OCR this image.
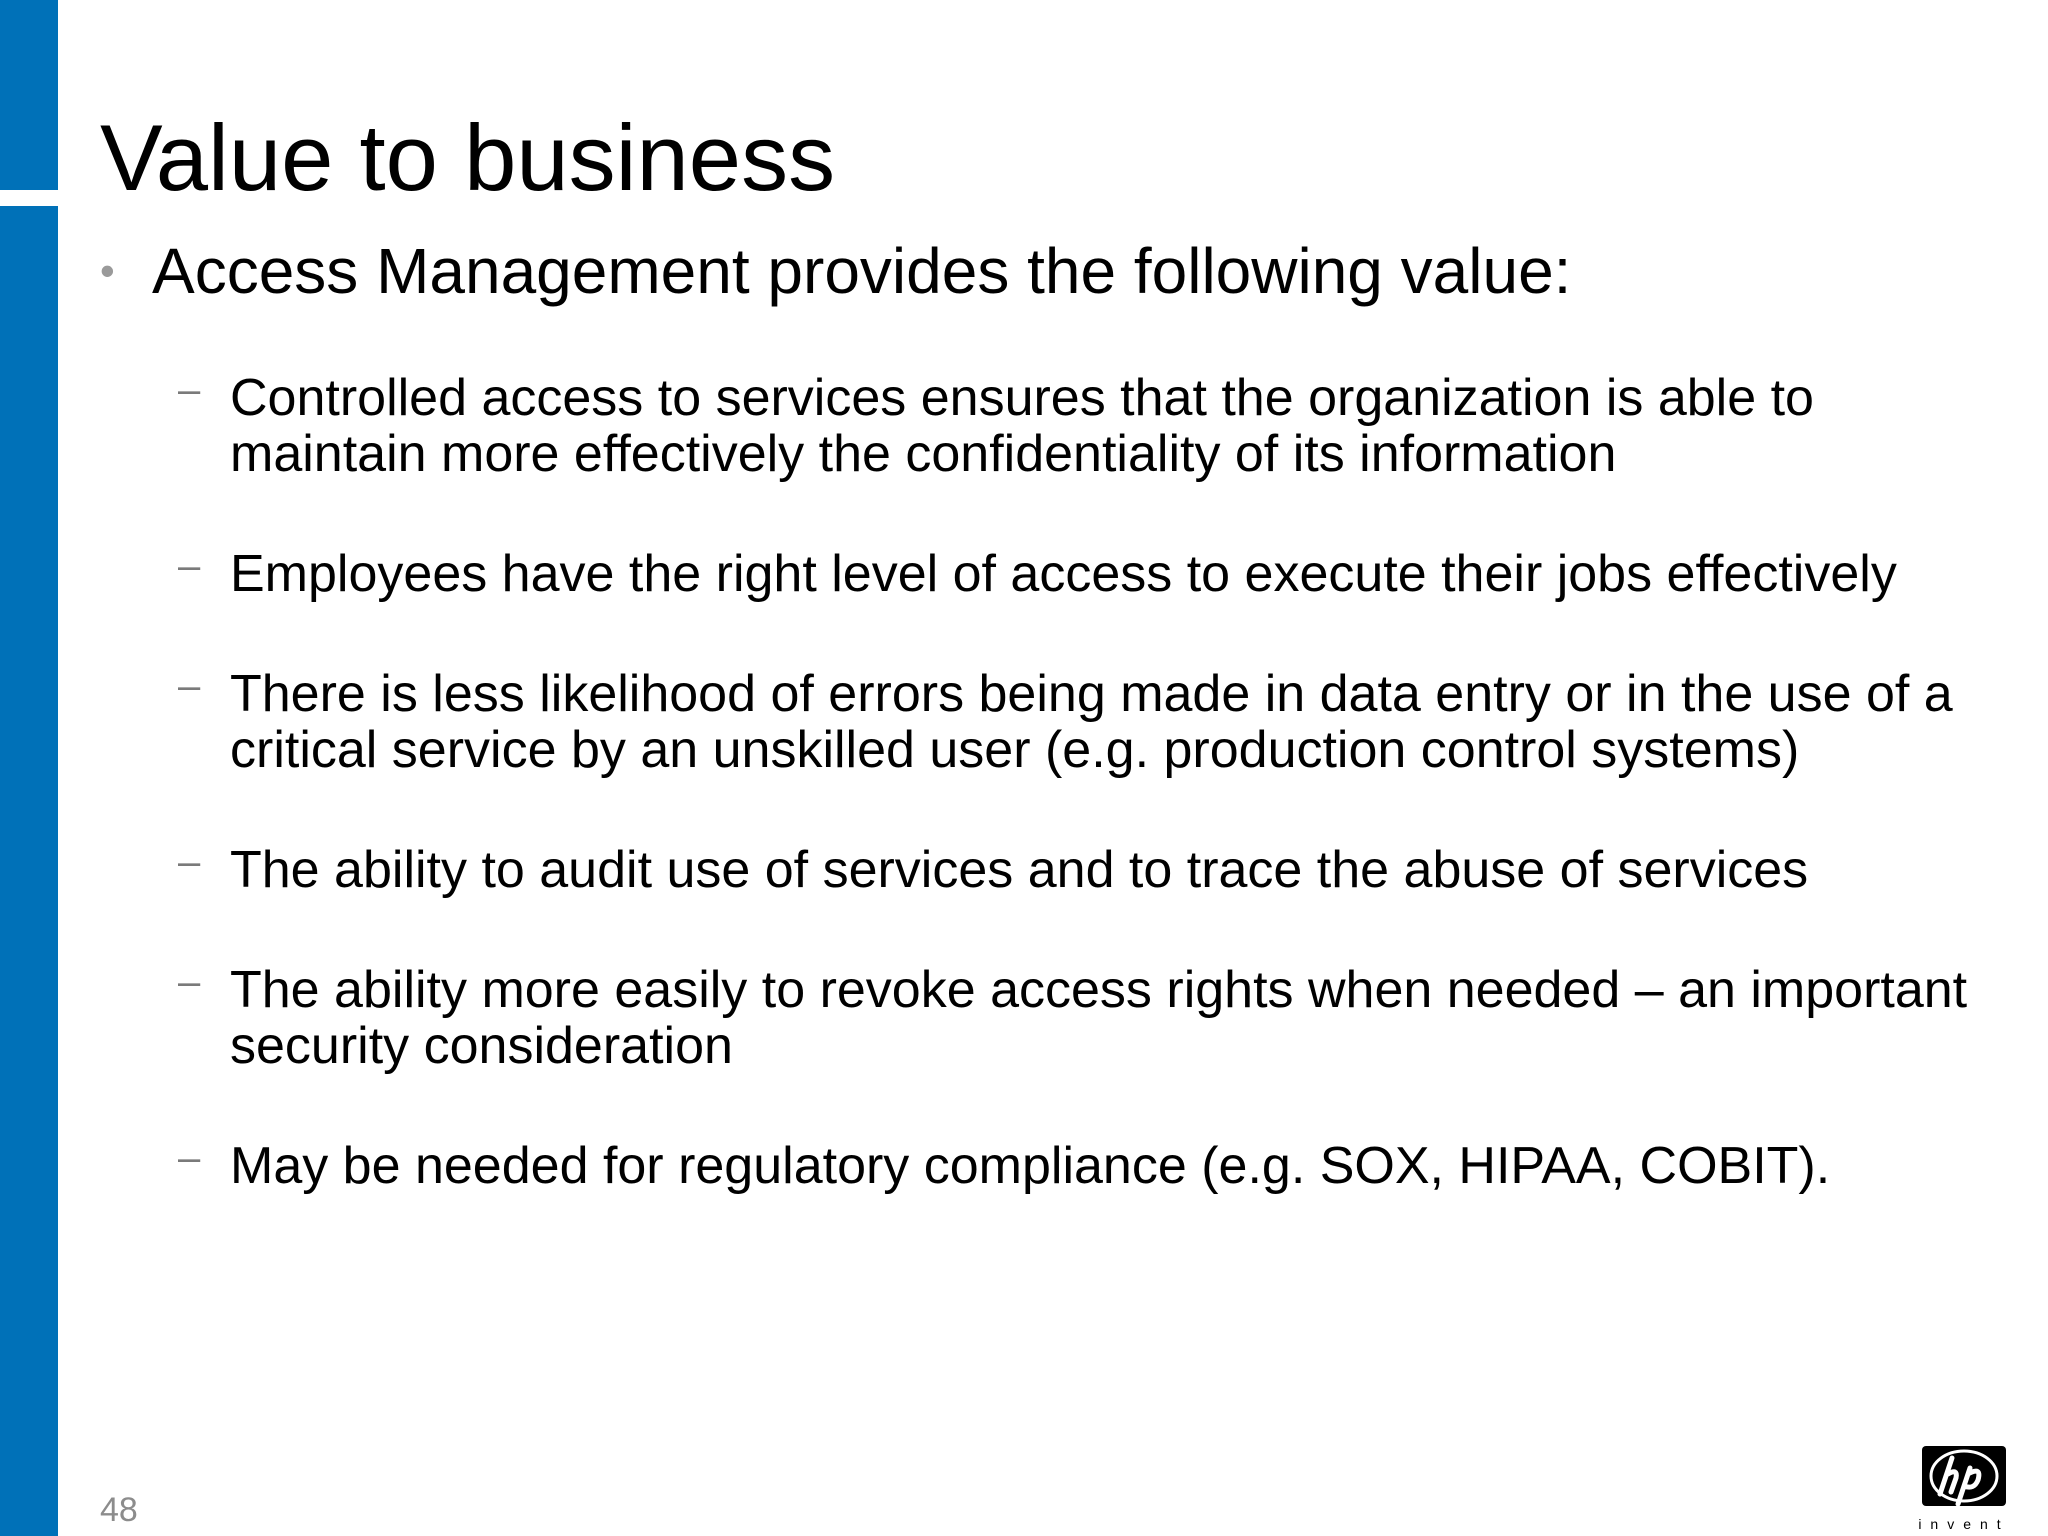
Value to business
• Access Management provides the following value:
– Controlled access to services ensures that the organization is able to maintain more effectively the confidentiality of its information
– Employees have the right level of access to execute their jobs effectively
– There is less likelihood of errors being made in data entry or in the use of a critical service by an unskilled user (e.g. production control systems)
– The ability to audit use of services and to trace the abuse of services
– The ability more easily to revoke access rights when needed – an important security consideration
– May be needed for regulatory compliance (e.g. SOX, HIPAA, COBIT).
48	invent
